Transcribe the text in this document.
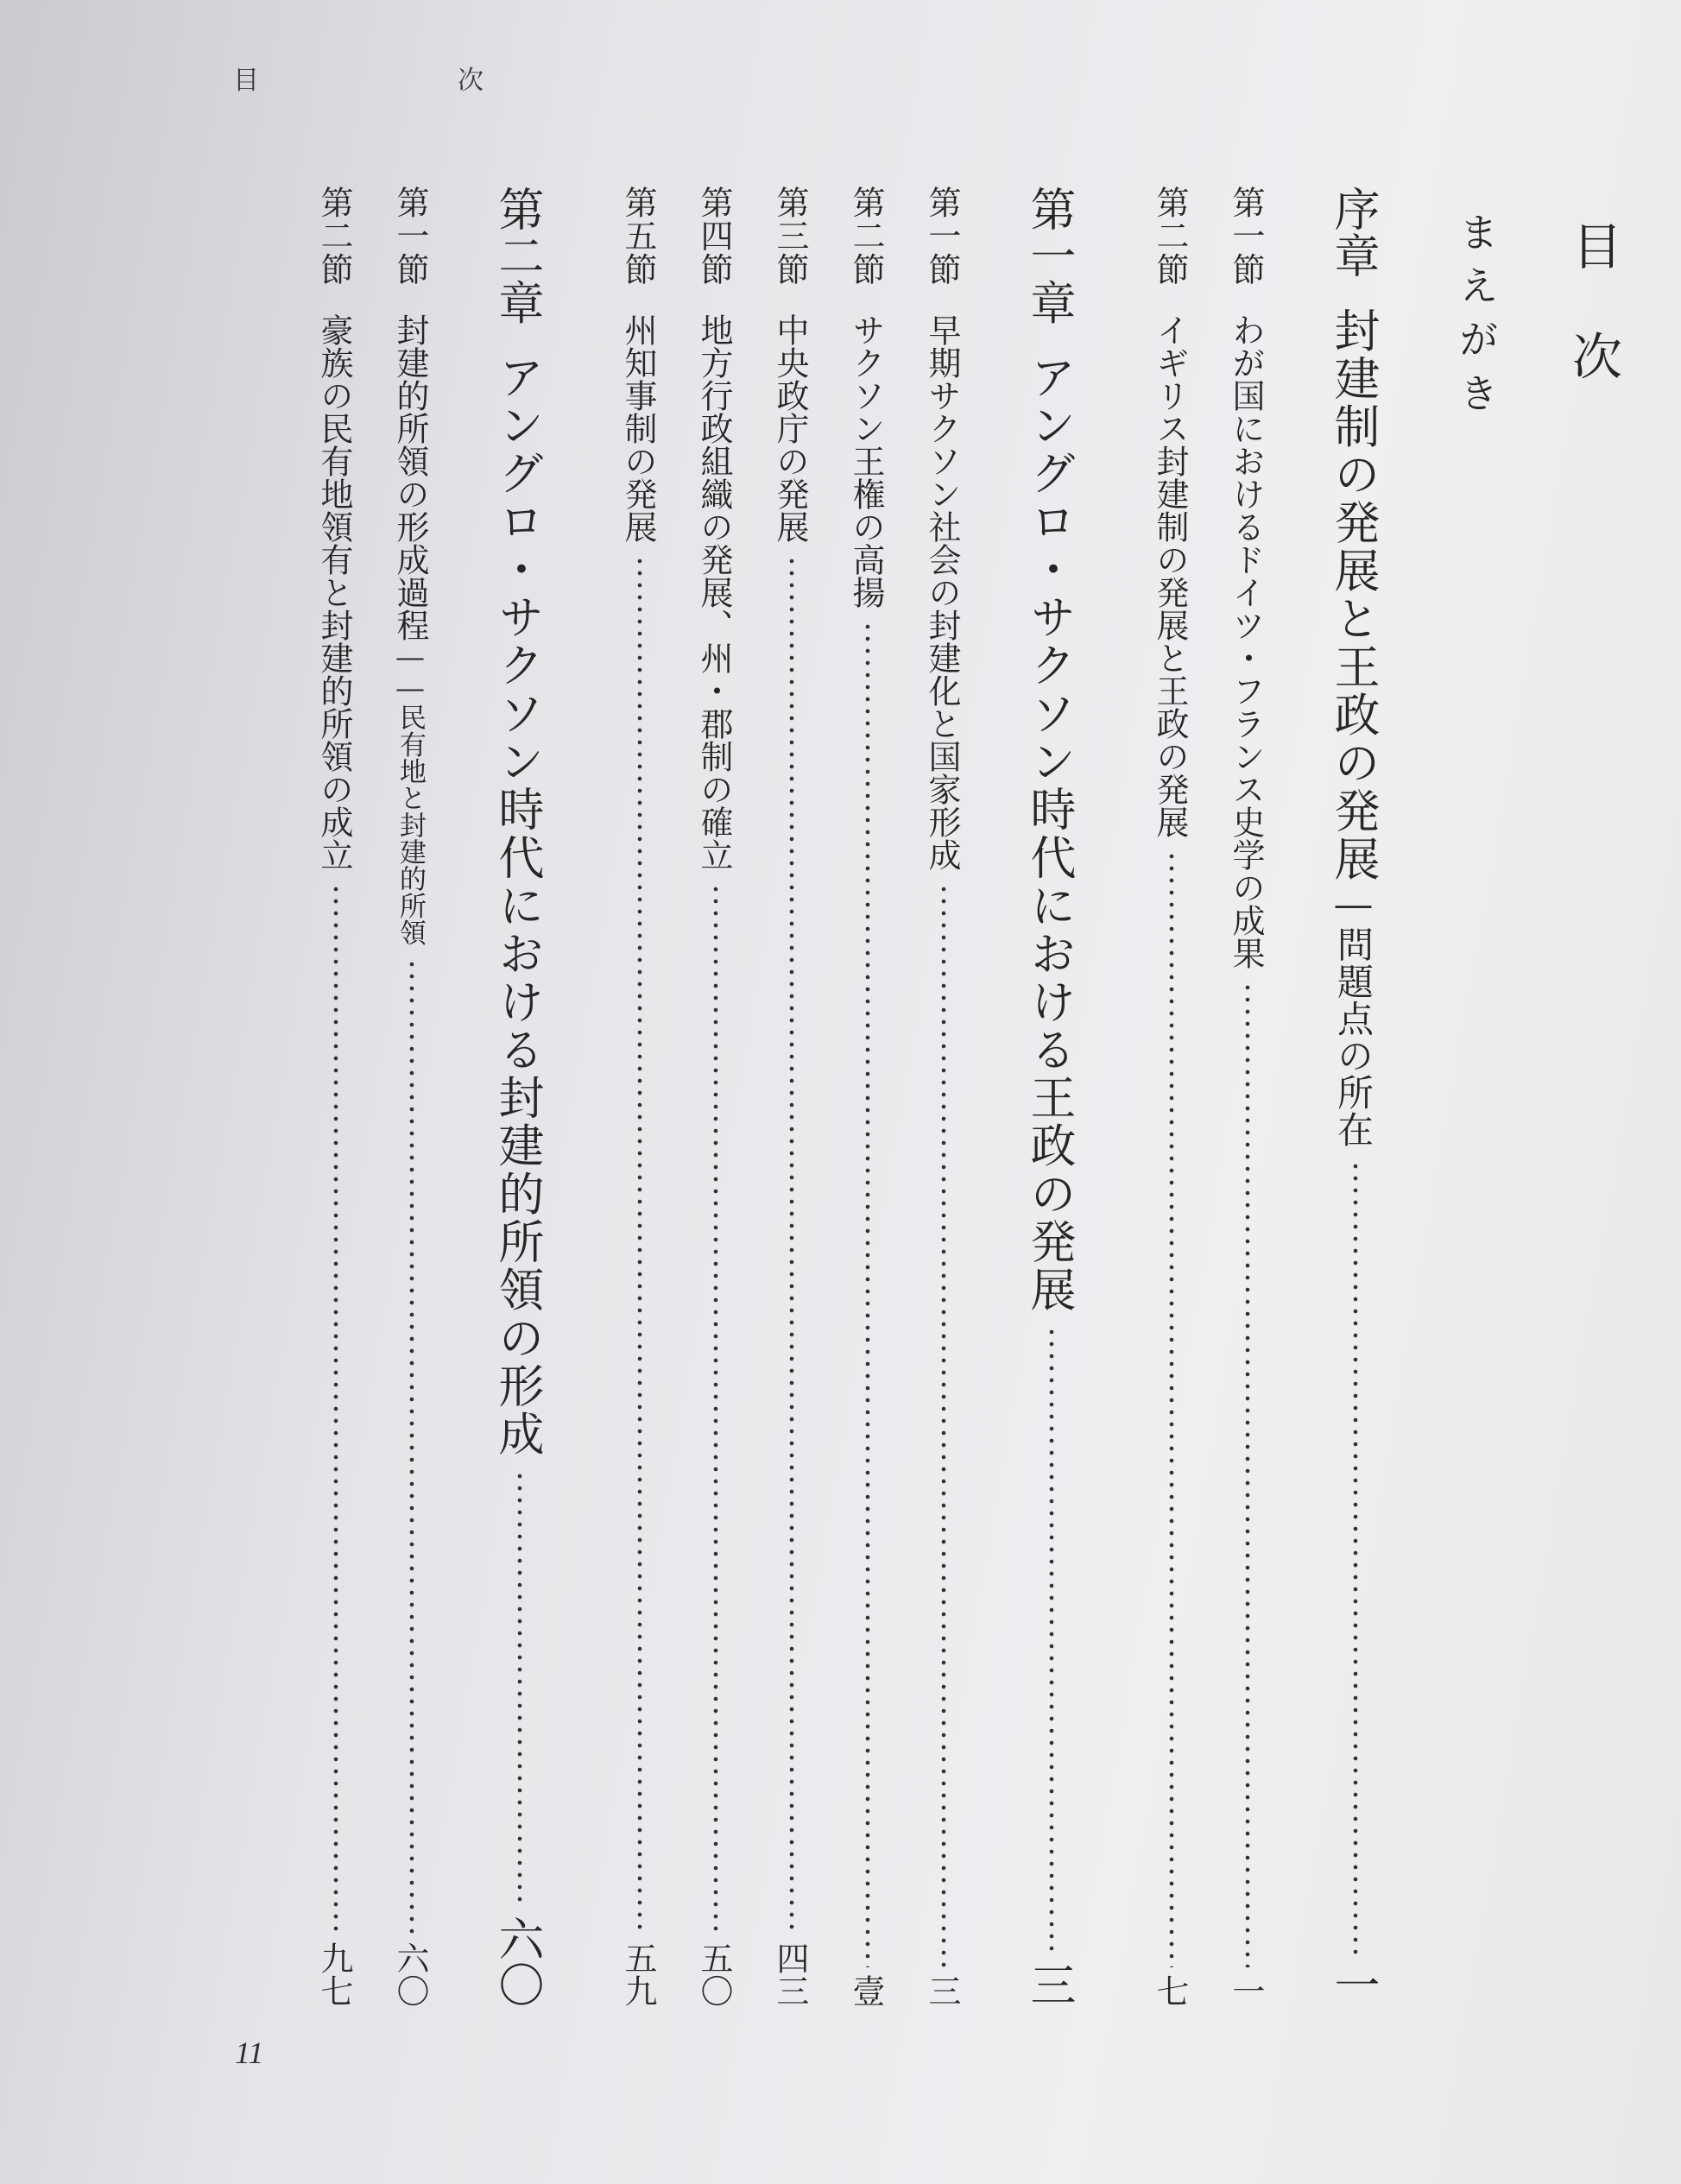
目　次
目次
まえがき
序章封建制の発展と王政の発展―問題点の所在
一
第一節わが国におけるドイツ・フランス史学の成果
一
第二節イギリス封建制の発展と王政の発展
七
第一章アングロ・サクソン時代における王政の発展
三
第一節早期サクソン社会の封建化と国家形成
三
第二節サクソン王権の高揚
壹
第三節中央政庁の発展
四三
第四節地方行政組織の発展、州・郡制の確立
五〇
第五節州知事制の発展
五九
第二章アングロ・サクソン時代における封建的所領の形成
六〇
第一節封建的所領の形成過程――民有地と封建的所領
六〇
第二節豪族の民有地領有と封建的所領の成立
九七
11
